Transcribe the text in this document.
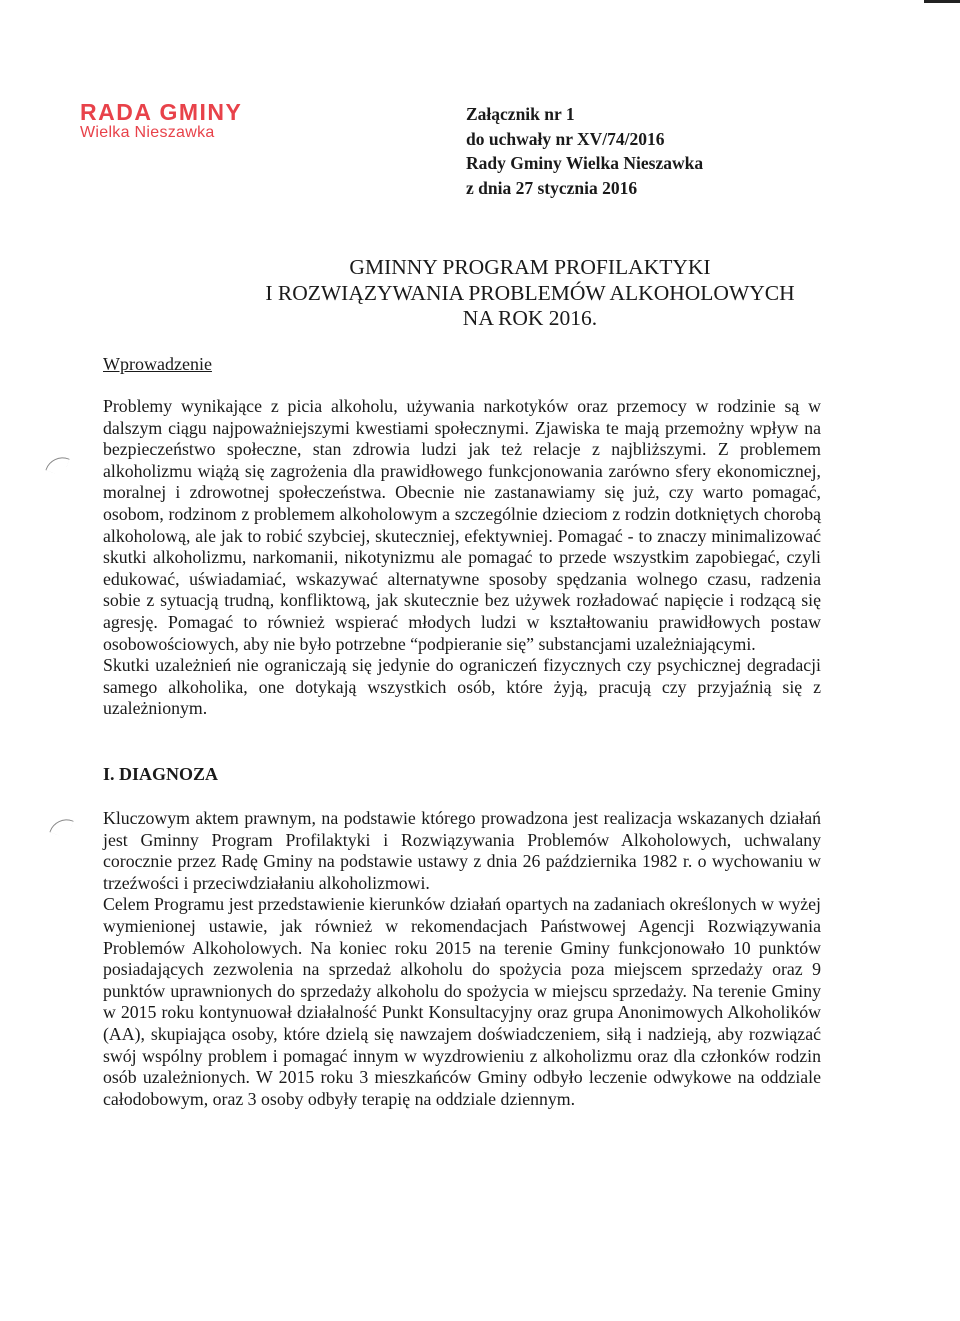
RADA GMINY
Wielka Nieszawka
Załącznik nr 1
do uchwały nr XV/74/2016
Rady Gminy Wielka Nieszawka
z dnia 27 stycznia 2016
GMINNY PROGRAM PROFILAKTYKI
I ROZWIĄZYWANIA PROBLEMÓW ALKOHOLOWYCH
NA ROK 2016.
Wprowadzenie

Problemy wynikające z picia alkoholu, używania narkotyków oraz przemocy w rodzinie są w dalszym ciągu najpoważniejszymi kwestiami społecznymi. Zjawiska te mają przemożny wpływ na bezpieczeństwo społeczne, stan zdrowia ludzi jak też relacje z najbliższymi. Z problemem alkoholizmu wiążą się zagrożenia dla prawidłowego funkcjonowania zarówno sfery ekonomicznej, moralnej i zdrowotnej społeczeństwa. Obecnie nie zastanawiamy się już, czy warto pomagać, osobom, rodzinom z problemem alkoholowym a szczególnie dzieciom z rodzin dotkniętych chorobą alkoholową, ale jak to robić szybciej, skuteczniej, efektywniej. Pomagać - to znaczy minimalizować skutki alkoholizmu, narkomanii, nikotynizmu ale pomagać to przede wszystkim zapobiegać, czyli edukować, uświadamiać, wskazywać alternatywne sposoby spędzania wolnego czasu, radzenia sobie z sytuacją trudną, konfliktową, jak skutecznie bez używek rozładować napięcie i rodzącą się agresję. Pomagać to również wspierać młodych ludzi w kształtowaniu prawidłowych postaw osobowościowych, aby nie było potrzebne “podpieranie się” substancjami uzależniającymi.

Skutki uzależnień nie ograniczają się jedynie do ograniczeń fizycznych czy psychicznej degradacji samego alkoholika, one dotykają wszystkich osób, które żyją, pracują czy przyjaźnią się z uzależnionym.

I. DIAGNOZA

Kluczowym aktem prawnym, na podstawie którego prowadzona jest realizacja wskazanych działań jest Gminny Program Profilaktyki i Rozwiązywania Problemów Alkoholowych, uchwalany corocznie przez Radę Gminy na podstawie ustawy z dnia 26 października 1982 r. o wychowaniu w trzeźwości i przeciwdziałaniu alkoholizmowi.

Celem Programu jest przedstawienie kierunków działań opartych na zadaniach określonych w wyżej wymienionej ustawie, jak również w rekomendacjach Państwowej Agencji Rozwiązywania Problemów Alkoholowych. Na koniec roku 2015 na terenie Gminy funkcjonowało 10 punktów posiadających zezwolenia na sprzedaż alkoholu do spożycia poza miejscem sprzedaży oraz 9 punktów uprawnionych do sprzedaży alkoholu do spożycia w miejscu sprzedaży. Na terenie Gminy w 2015 roku kontynuował działalność Punkt Konsultacyjny oraz grupa Anonimowych Alkoholików (AA), skupiająca osoby, które dzielą się nawzajem doświadczeniem, siłą i nadzieją, aby rozwiązać swój wspólny problem i pomagać innym w wyzdrowieniu z alkoholizmu oraz dla członków rodzin osób uzależnionych. W 2015 roku 3 mieszkańców Gminy odbyło leczenie odwykowe na oddziale całodobowym, oraz 3 osoby odbyły terapię na oddziale dziennym.
